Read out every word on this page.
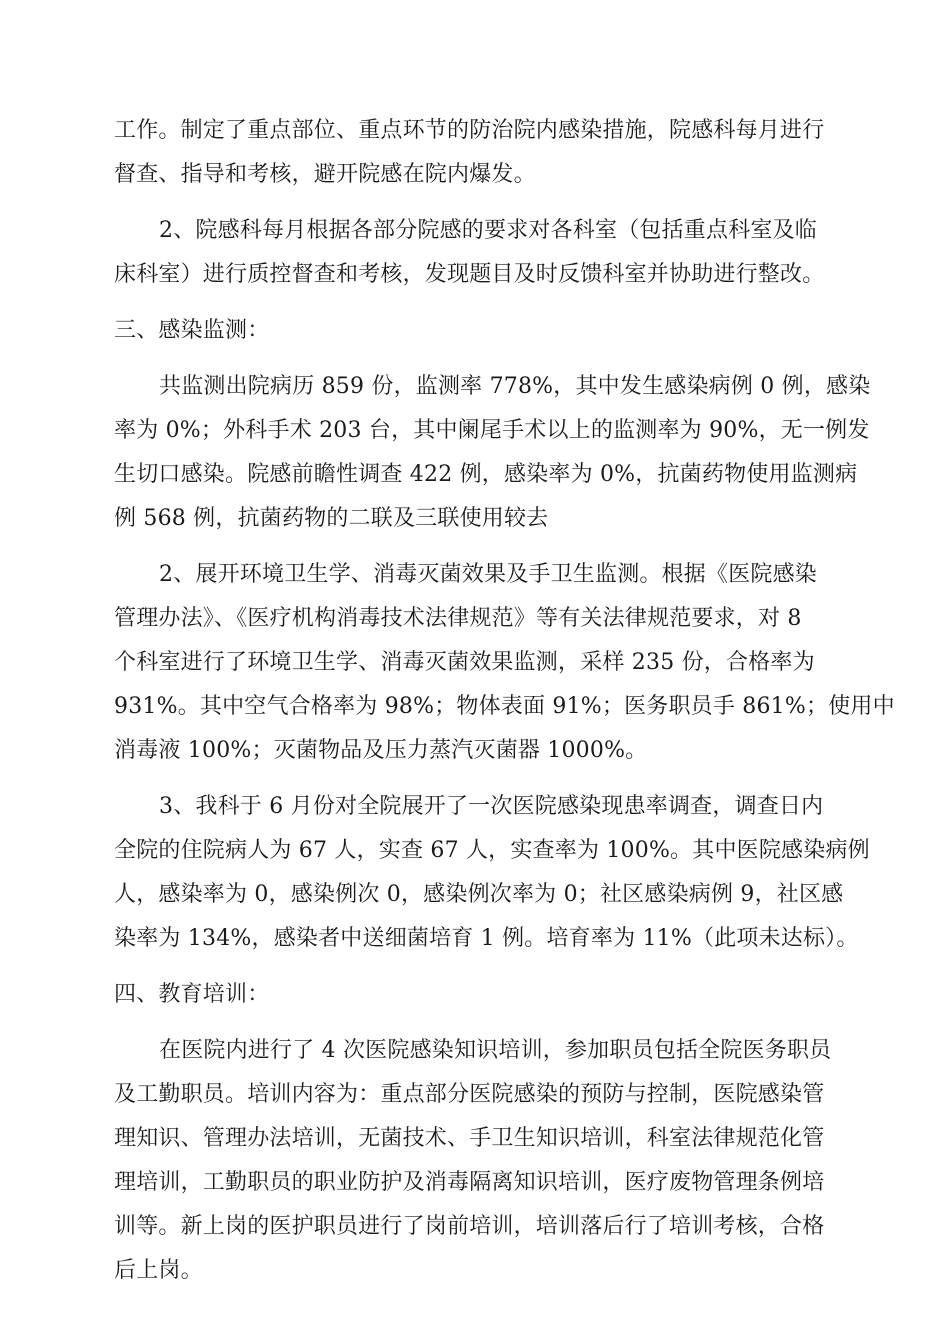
工作。制定了重点部位、重点环节的防治院内感染措施，院感科每月进行
督查、指导和考核，避开院感在院内爆发。

2、院感科每月根据各部分院感的要求对各科室（包括重点科室及临
床科室）进行质控督查和考核，发现题目及时反馈科室并协助进行整改。

三、感染监测：

共监测出院病历 859 份，监测率 778%，其中发生感染病例 0 例，感染
率为 0%；外科手术 203 台，其中阑尾手术以上的监测率为 90%，无一例发
生切口感染。院感前瞻性调查 422 例，感染率为 0%，抗菌药物使用监测病
例 568 例，抗菌药物的二联及三联使用较去

2、展开环境卫生学、消毒灭菌效果及手卫生监测。根据《医院感染
管理办法》、《医疗机构消毒技术法律规范》等有关法律规范要求，对 8
个科室进行了环境卫生学、消毒灭菌效果监测，采样 235 份，合格率为
931%。其中空气合格率为 98%；物体表面 91%；医务职员手 861%；使用中
消毒液 100%；灭菌物品及压力蒸汽灭菌器 1000%。

3、我科于 6 月份对全院展开了一次医院感染现患率调查，调查日内
全院的住院病人为 67 人，实查 67 人，实查率为 100%。其中医院感染病例
人，感染率为 0，感染例次 0，感染例次率为 0；社区感染病例 9，社区感
染率为 134%，感染者中送细菌培育 1 例。培育率为 11%（此项未达标）。

四、教育培训：

在医院内进行了 4 次医院感染知识培训，参加职员包括全院医务职员
及工勤职员。培训内容为：重点部分医院感染的预防与控制，医院感染管
理知识、管理办法培训，无菌技术、手卫生知识培训，科室法律规范化管
理培训，工勤职员的职业防护及消毒隔离知识培训，医疗废物管理条例培
训等。新上岗的医护职员进行了岗前培训，培训落后行了培训考核，合格
后上岗。
